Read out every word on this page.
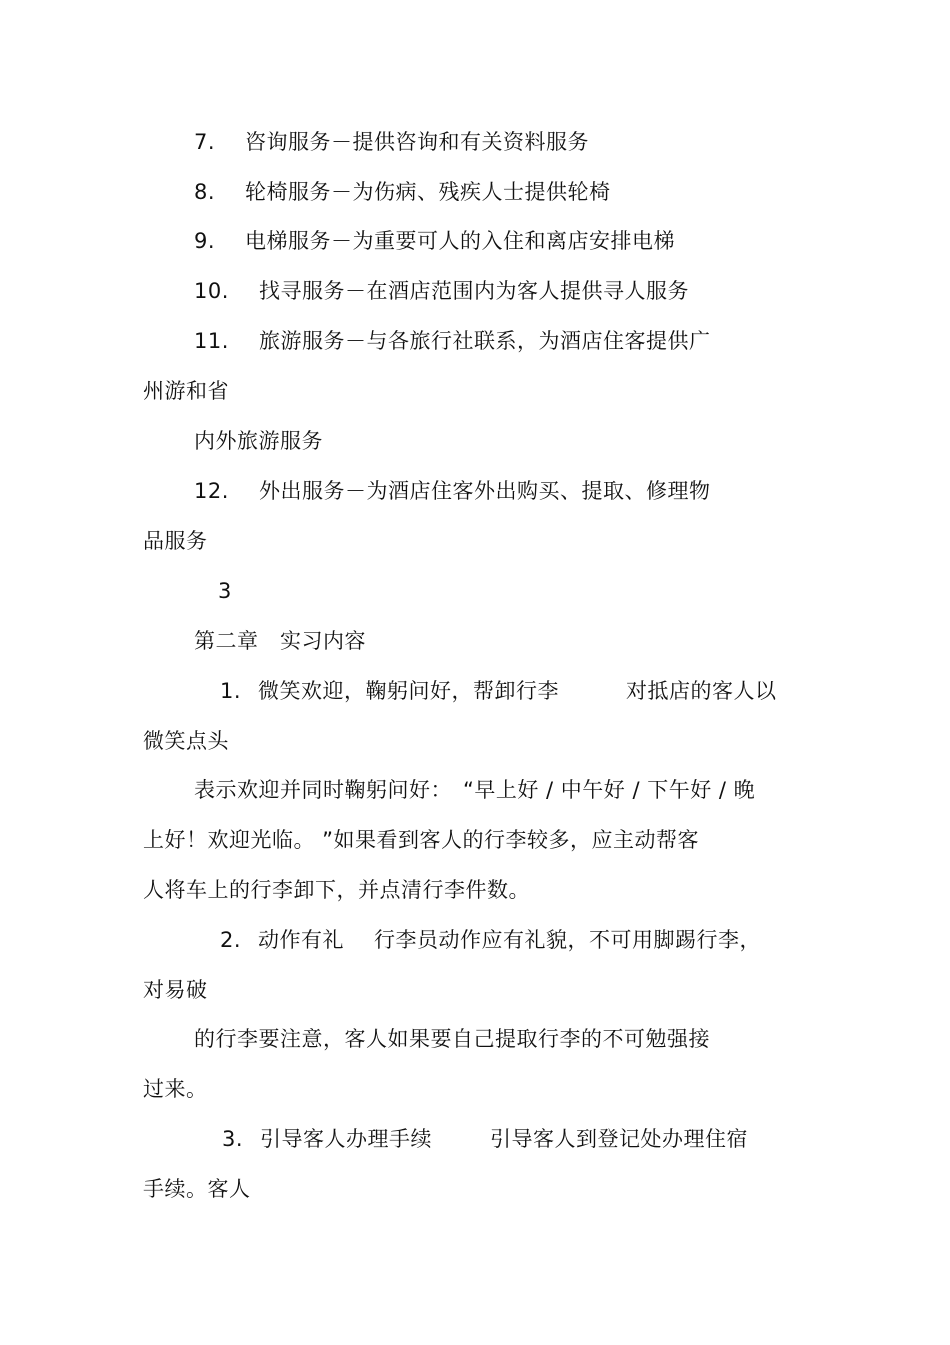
7. 咨询服务－提供咨询和有关资料服务
8. 轮椅服务－为伤病、残疾人士提供轮椅
9. 电梯服务－为重要可人的入住和离店安排电梯
10. 找寻服务－在酒店范围内为客人提供寻人服务
11. 旅游服务－与各旅行社联系，为酒店住客提供广
州游和省
内外旅游服务
12. 外出服务－为酒店住客外出购买、提取、修理物
品服务
3
第二章　实习内容
1. 微笑欢迎，鞠躬问好，帮卸行李	对抵店的客人以
微笑点头
表示欢迎并同时鞠躬问好：　“早上好 / 中午好 / 下午好 / 晚
上好！欢迎光临。 ”如果看到客人的行李较多，应主动帮客
人将车上的行李卸下，并点清行李件数。
2. 动作有礼 行李员动作应有礼貌，不可用脚踢行李，
对易破
的行李要注意，客人如果要自己提取行李的不可勉强接
过来。
3. 引导客人办理手续	引导客人到登记处办理住宿
手续。客人
